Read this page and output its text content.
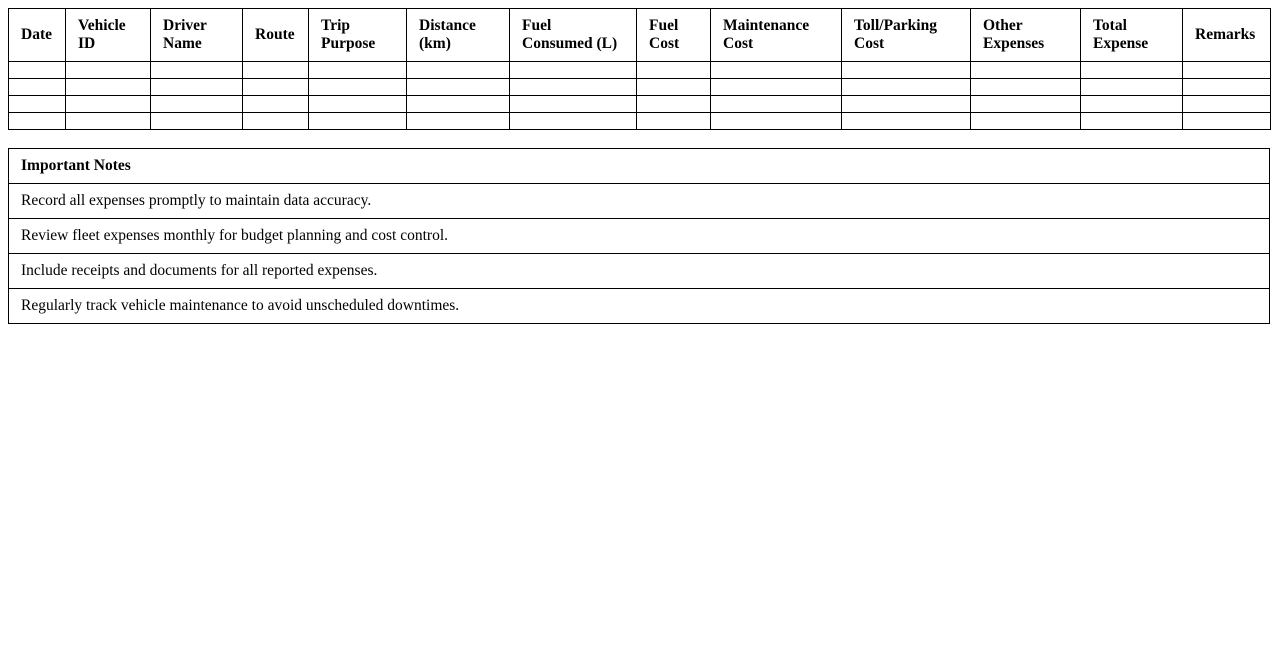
Date	Vehicle ID	Driver Name	Route	Trip Purpose	Distance (km)	Fuel Consumed (L)	Fuel Cost	Maintenance Cost	Toll/Parking Cost	Other Expenses	Total Expense	Remarks

Important Notes
Record all expenses promptly to maintain data accuracy.
Review fleet expenses monthly for budget planning and cost control.
Include receipts and documents for all reported expenses.
Regularly track vehicle maintenance to avoid unscheduled downtimes.
